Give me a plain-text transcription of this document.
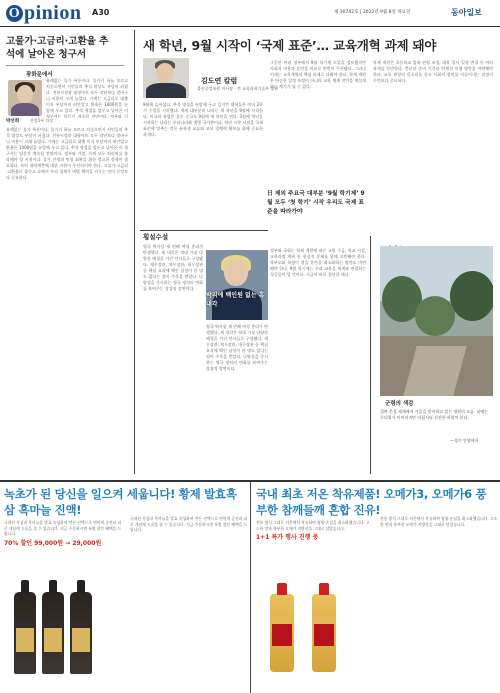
O pinion A30	제 30742호 | 2022년 9월 8일 목요일	동아일보
고물가·고금리·고환율 추석에 날아온 청구서
광화문에서
유례없는 물가 폭등이다. 물가가 하늘 모르고 치솟으면서 서민들의 추석 밥상도 부담이 커졌다. 전통시장과 대형마트 모두 작년보다 장바구니 비용이 크게 늘었다. 가계는 고금리로 대출 이자 부담까지 떠안았고 환율은 1400원을 눈앞에 두고 있다. 추석 명절을 앞두고 날아온 이 청구서는 당분간 계속될 전망이다. 정부와 기
박선희	산업1부 차장
유례없는 물가 폭등이다. 물가가 하늘 모르고 치솟으면서 서민들의 추석 밥상도 부담이 커졌다. 전통시장과 대형마트 모두 작년보다 장바구니 비용이 크게 늘었다. 가계는 고금리로 대출 이자 부담까지 떠안았고 환율은 1400원을 눈앞에 두고 있다. 추석 명절을 앞두고 날아온 이 청구서는 당분간 계속될 전망이다. 정부와 기업, 가계 모두 허리띠를 졸라매야 할 시점이다. 물가 안정과 민생 회복을 위한 정교한 정책이 필요하다. 특히 취약계층에 대한 지원이 우선되어야 한다. 고물가·고금리·고환율의 삼중고 속에서 우리 경제가 버틸 체력을 키우는 것이 무엇보다 중요하다.
새 학년, 9월 시작이 ‘국제 표준’… 교육개혁 과제 돼야
김도연 칼럼
울산공업학원 이사장 · 전 교육과학기술부 장관
9월에 들어섰다. 추석 명절을 눈앞에 두고 있지만 대학들은 이미 2학기 수업을 시작했다. 세계 대부분의 나라는 새 학년을 9월에 시작한다. 미국과 유럽은 물론 중국도 9월에 새 학년을 연다. 3월에 학년을 시작하는 나라는 우리나라와 몇몇 국가뿐이다. 학년 시작 시점을 국제 표준에 맞추는 것은 유학생 교류와 교육 경쟁력 확보를 위해 중요한 과제다.
그동안 여러 정부에서 9월 학기제 도입을 검토했지만 사회적 비용과 혼란을 이유로 번번이 무산됐다. 그러나 이제는 교육개혁의 핵심 과제로 다뤄야 한다. 학제 개편은 단순한 일정 조정이 아니라 교육 체계 전반을 재설계하는 계기가 될 수 있다.
학제 개편은 초등학교 입학 연령 조정, 대학 입시 일정 변경 등 여러 과제를 동반한다. 충분한 준비 기간과 단계적 이행 방안을 마련해야 한다. 교육 현장의 목소리를 듣고 사회적 합의를 이끌어내는 과정이 무엇보다 중요하다.
정부와 국회는 학제 개편에 따른 교원 수급, 학교 시설, 교육과정 개편 등 현실적 문제를 함께 고민해야 한다. 학부모와 학생이 겪을 혼란을 최소화하는 방안도 마련해야 한다. 9월 학기제는 우리 교육을 세계와 연결하는 첫걸음이 될 것이다. 지금이 바로 결단할 때다.
日 제외 주요국 대부분 ‘9월 학기제’ 9월 모두 ‘첫 학기’ 시작 우리도 국제 표준을 따라가야
횡설수설
영국 역사상 세 번째 여성 총리가 탄생했다. 새 내각은 역대 가장 다양한 배경을 가진 인사들로 구성됐다. 재무장관, 외무장관, 내무장관 등 핵심 요직에 백인 남성이 한 명도 없다는 점이 주목을 받았다. 다양성을 중시하는 영국 정치의 변화를 보여주는 상징적 장면이다.
박리에 백인원 없는 흑내각
영국 역사상 세 번째 여성 총리가 탄생했다. 새 내각은 역대 가장 다양한 배경을 가진 인사들로 구성됐다. 재무장관, 외무장관, 내무장관 등 핵심 요직에 백인 남성이 한 명도 없다는 점이 주목을 받았다. 다양성을 중시하는 영국 정치의 변화를 보여주는 상징적 장면이다.
군령의 색감
경북 문경 새재에서 가을을 맞이하고 있는 정원의 모습. 낮에는 무더위가 이어지지만 아침저녁 선선한 바람이 분다.
—경기 안양에서
녹초가 된 당신을 일으켜 세웁니다! 황제 발효흑삼 흑마늘 진액!
국내산 흑삼과 흑마늘을 발효 숙성하여 만든 진액으로 면역력 증진과 피로 개선에 도움을 줄 수 있습니다. 지금 주문하시면 특별 할인 혜택을 드립니다.
70% 할인 99,000원 → 29,000원
국내산 흑삼과 흑마늘을 발효 숙성하여 만든 진액으로 면역력 증진과 피로 개선에 도움을 줄 수 있습니다. 지금 주문하시면 특별 할인 혜택을 드립니다.
국내 최초 저온 착유제품! 오메가3, 오메가6 풍부한 참깨들깨 혼합 진유!
전통 방식 그대로 저온에서 착유하여 영양 손실을 최소화했습니다. 고소한 맛과 풍부한 오메가 지방산을 그대로 담았습니다.
1+1 특가 행사 진행 중
전통 방식 그대로 저온에서 착유하여 영양 손실을 최소화했습니다. 고소한 맛과 풍부한 오메가 지방산을 그대로 담았습니다.
